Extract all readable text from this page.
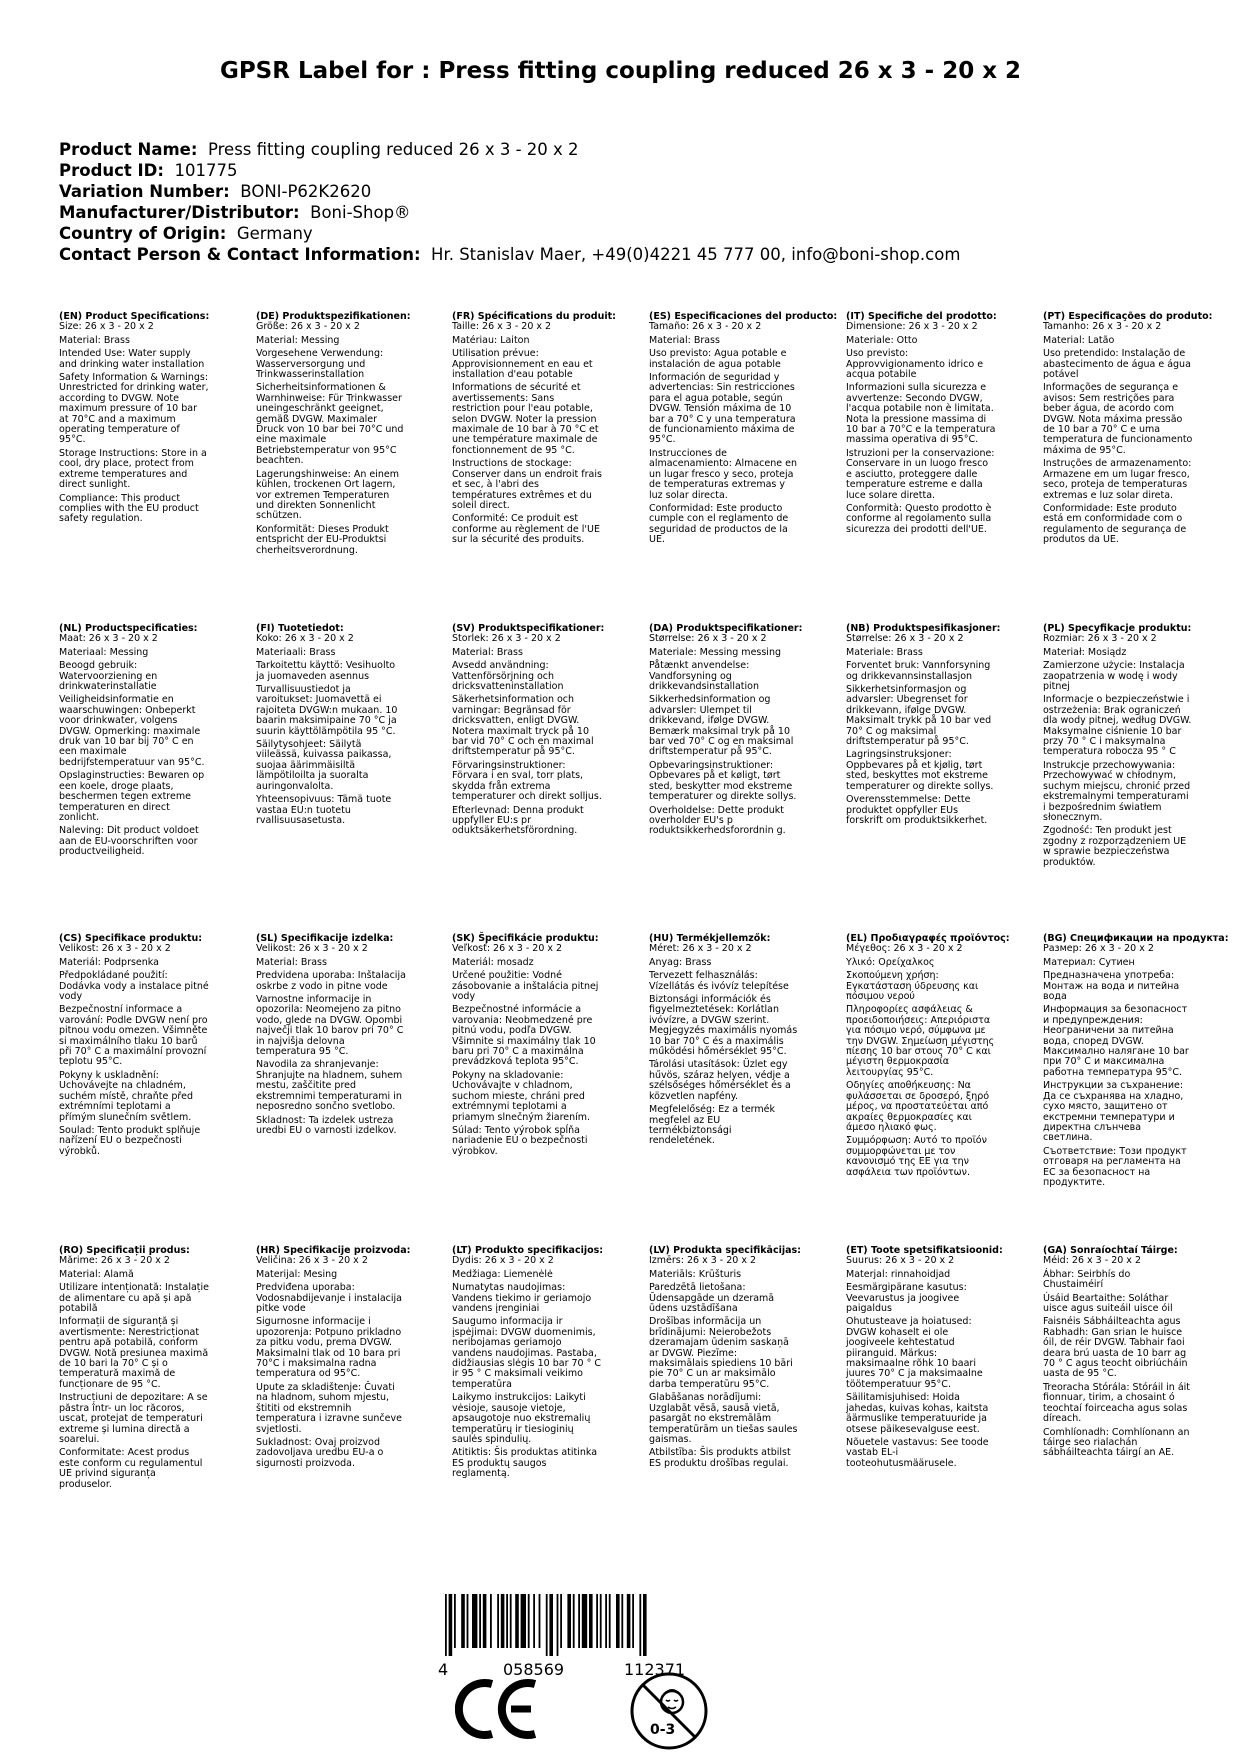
GPSR Label for : Press fitting coupling reduced 26 x 3 - 20 x 2
Product Name: Press fitting coupling reduced 26 x 3 - 20 x 2
Product ID: 101775
Variation Number: BONI-P62K2620
Manufacturer/Distributor: Boni-Shop®
Country of Origin: Germany
Contact Person & Contact Information: Hr. Stanislav Maer, +49(0)4221 45 777 00, info@boni-shop.com
(EN) Product Specifications:
Size: 26 x 3 - 20 x 2
Material: Brass
Intended Use: Water supply and drinking water installation
Safety Information & Warnings: Unrestricted for drinking water, according to DVGW. Note maximum pressure of 10 bar at 70°C and a maximum operating temperature of 95°C.
Storage Instructions: Store in a cool, dry place, protect from extreme temperatures and direct sunlight.
Compliance: This product complies with the EU product safety regulation.
(DE) Produktspezifikationen:
Größe: 26 x 3 - 20 x 2
Material: Messing
Vorgesehene Verwendung: Wasserversorgung und Trinkwasserinstallation
Sicherheitsinformationen & Warnhinweise: Für Trinkwasser uneingeschränkt geeignet, gemäß DVGW. Maximaler Druck von 10 bar bei 70°C und eine maximale Betriebstemperatur von 95°C beachten.
Lagerungshinweise: An einem kühlen, trockenen Ort lagern, vor extremen Temperaturen und direkten Sonnenlicht schützen.
Konformität: Dieses Produkt entspricht der EU-Produktsi cherheitsverordnung.
(FR) Spécifications du produit:
Taille: 26 x 3 - 20 x 2
Matériau: Laiton
Utilisation prévue: Approvisionnement en eau et installation d'eau potable
Informations de sécurité et avertissements: Sans restriction pour l'eau potable, selon DVGW. Noter la pression maximale de 10 bar à 70 °C et une température maximale de fonctionnement de 95 °C.
Instructions de stockage: Conserver dans un endroit frais et sec, à l'abri des températures extrêmes et du soleil direct.
Conformité: Ce produit est conforme au règlement de l'UE sur la sécurité des produits.
(ES) Especificaciones del producto:
Tamaño: 26 x 3 - 20 x 2
Material: Brass
Uso previsto: Agua potable e instalación de agua potable
Información de seguridad y advertencias: Sin restricciones para el agua potable, según DVGW. Tensión máxima de 10 bar a 70° C y una temperatura de funcionamiento máxima de 95°C.
Instrucciones de almacenamiento: Almacene en un lugar fresco y seco, proteja de temperaturas extremas y luz solar directa.
Conformidad: Este producto cumple con el reglamento de seguridad de productos de la UE.
(IT) Specifiche del prodotto:
Dimensione: 26 x 3 - 20 x 2
Materiale: Otto
Uso previsto: Approvvigionamento idrico e acqua potabile
Informazioni sulla sicurezza e avvertenze: Secondo DVGW, l'acqua potabile non è limitata. Nota la pressione massima di 10 bar a 70°C e la temperatura massima operativa di 95°C.
Istruzioni per la conservazione: Conservare in un luogo fresco e asciutto, proteggere dalle temperature estreme e dalla luce solare diretta.
Conformità: Questo prodotto è conforme al regolamento sulla sicurezza dei prodotti dell'UE.
(PT) Especificações do produto:
Tamanho: 26 x 3 - 20 x 2
Material: Latão
Uso pretendido: Instalação de abastecimento de água e água potável
Informações de segurança e avisos: Sem restrições para beber água, de acordo com DVGW. Nota máxima pressão de 10 bar a 70° C e uma temperatura de funcionamento máxima de 95°C.
Instruções de armazenamento: Armazene em um lugar fresco, seco, proteja de temperaturas extremas e luz solar direta.
Conformidade: Este produto está em conformidade com o regulamento de segurança de produtos da UE.
(NL) Productspecificaties:
Maat: 26 x 3 - 20 x 2
Materiaal: Messing
Beoogd gebruik: Watervoorziening en drinkwaterinstallatie
Veiligheidsinformatie en waarschuwingen: Onbeperkt voor drinkwater, volgens DVGW. Opmerking: maximale druk van 10 bar bij 70° C en een maximale bedrijfstemperatuur van 95°C.
Opslaginstructies: Bewaren op een koele, droge plaats, beschermen tegen extreme temperaturen en direct zonlicht.
Naleving: Dit product voldoet aan de EU-voorschriften voor productveiligheid.
(FI) Tuotetiedot:
Koko: 26 x 3 - 20 x 2
Materiaali: Brass
Tarkoitettu käyttö: Vesihuolto ja juomaveden asennus
Turvallisuustiedot ja varoitukset: Juomavettä ei rajoiteta DVGW:n mukaan. 10 baarin maksimipaine 70 °C ja suurin käyttölämpötila 95 °C.
Säilytysohjeet: Säilytä viileässä, kuivassa paikassa, suojaa äärimmäisiltä lämpötiloilta ja suoralta auringonvalolta.
Yhteensopivuus: Tämä tuote vastaa EU:n tuotetu rvallisuusasetusta.
(SV) Produktspecifikationer:
Storlek: 26 x 3 - 20 x 2
Material: Brass
Avsedd användning: Vattenförsörjning och dricksvatteninstallation
Säkerhetsinformation och varningar: Begränsad för dricksvatten, enligt DVGW. Notera maximalt tryck på 10 bar vid 70° C och en maximal driftstemperatur på 95°C.
Förvaringsinstruktioner: Förvara i en sval, torr plats, skydda från extrema temperaturer och direkt solljus.
Efterlevnad: Denna produkt uppfyller EU:s pr oduktsäkerhetsförordning.
(DA) Produktspecifikationer:
Størrelse: 26 x 3 - 20 x 2
Materiale: Messing messing
Påtænkt anvendelse: Vandforsyning og drikkevandsinstallation
Sikkerhedsinformation og advarsler: Ulempet til drikkevand, ifølge DVGW. Bemærk maksimal tryk på 10 bar ved 70° C og en maksimal driftstemperatur på 95°C.
Opbevaringsinstruktioner: Opbevares på et køligt, tørt sted, beskytter mod ekstreme temperaturer og direkte sollys.
Overholdelse: Dette produkt overholder EU's p roduktsikkerhedsforordnin g.
(NB) Produktspesifikasjoner:
Størrelse: 26 x 3 - 20 x 2
Materiale: Brass
Forventet bruk: Vannforsyning og drikkevannsinstallasjon
Sikkerhetsinformasjon og advarsler: Ubegrenset for drikkevann, ifølge DVGW. Maksimalt trykk på 10 bar ved 70° C og maksimal driftstemperatur på 95°C.
Lagringsinstruksjoner: Oppbevares på et kjølig, tørt sted, beskyttes mot ekstreme temperaturer og direkte sollys.
Overensstemmelse: Dette produktet oppfyller EUs forskrift om produktsikkerhet.
(PL) Specyfikacje produktu:
Rozmiar: 26 x 3 - 20 x 2
Materiał: Mosiądz
Zamierzone użycie: Instalacja zaopatrzenia w wodę i wody pitnej
Informacje o bezpieczeństwie i ostrzeżenia: Brak ograniczeń dla wody pitnej, według DVGW. Maksymalne ciśnienie 10 bar przy 70 ° C i maksymalna temperatura robocza 95 ° C
Instrukcje przechowywania: Przechowywać w chłodnym, suchym miejscu, chronić przed ekstremalnymi temperaturami i bezpośrednim światłem słonecznym.
Zgodność: Ten produkt jest zgodny z rozporządzeniem UE w sprawie bezpieczeństwa produktów.
(CS) Specifikace produktu:
Velikost: 26 x 3 - 20 x 2
Materiál: Podprsenka
Předpokládané použití: Dodávka vody a instalace pitné vody
Bezpečnostní informace a varování: Podle DVGW není pro pitnou vodu omezen. Všimněte si maximálního tlaku 10 barů při 70° C a maximální provozní teplotu 95°C.
Pokyny k uskladnění: Uchovávejte na chladném, suchém místě, chraňte před extrémními teplotami a přímým slunečním světlem.
Soulad: Tento produkt splňuje nařízení EU o bezpečnosti výrobků.
(SL) Specifikacije izdelka:
Velikost: 26 x 3 - 20 x 2
Material: Brass
Predvidena uporaba: Inštalacija oskrbe z vodo in pitne vode
Varnostne informacije in opozorila: Neomejeno za pitno vodo, glede na DVGW. Opombi največji tlak 10 barov pri 70° C in najvišja delovna temperatura 95 °C.
Navodila za shranjevanje: Shranjujte na hladnem, suhem mestu, zaščitite pred ekstremnimi temperaturami in neposredno sončno svetlobo.
Skladnost: Ta izdelek ustreza uredbi EU o varnosti izdelkov.
(SK) Špecifikácie produktu:
Veľkosť: 26 x 3 - 20 x 2
Materiál: mosadz
Určené použitie: Vodné zásobovanie a inštalácia pitnej vody
Bezpečnostné informácie a varovania: Neobmedzené pre pitnú vodu, podľa DVGW. Všimnite si maximálny tlak 10 baru pri 70° C a maximálna prevádzková teplota 95°C.
Pokyny na skladovanie: Uchovávajte v chladnom, suchom mieste, chráni pred extrémnymi teplotami a priamym slnečným žiarením.
Súlad: Tento výrobok spĺňa nariadenie EÚ o bezpečnosti výrobkov.
(HU) Termékjellemzők:
Méret: 26 x 3 - 20 x 2
Anyag: Brass
Tervezett felhasználás: Vízellátás és ivóvíz telepítése
Biztonsági információk és figyelmeztetések: Korlátlan ivóvízre, a DVGW szerint. Megjegyzés maximális nyomás 10 bar 70° C és a maximális működési hőmérséklet 95°C.
Tárolási utasítások: Üzlet egy hűvös, száraz helyen, védje a szélsőséges hőmérséklet és a közvetlen napfény.
Megfelelőség: Ez a termék megfelel az EU termékbiztonsági rendeletének.
(EL) Προδιαγραφές προϊόντος:
Μέγεθος: 26 x 3 - 20 x 2
Υλικό: Ορείχαλκος
Σκοπούμενη χρήση: Εγκατάσταση ύδρευσης και πόσιμου νερού
Πληροφορίες ασφάλειας & προειδοποιήσεις: Απεριόριστα για πόσιμο νερό, σύμφωνα με την DVGW. Σημείωση μέγιστης πίεσης 10 bar στους 70° C και μέγιστη θερμοκρασία λειτουργίας 95°C.
Οδηγίες αποθήκευσης: Να φυλάσσεται σε δροσερό, ξηρό μέρος, να προστατεύεται από ακραίες θερμοκρασίες και άμεσο ηλιακό φως.
Συμμόρφωση: Αυτό το προϊόν συμμορφώνεται με τον κανονισμό της ΕΕ για την ασφάλεια των προϊόντων.
(BG) Спецификации на продукта:
Размер: 26 x 3 - 20 x 2
Материал: Сутиен
Предназначена употреба: Монтаж на вода и питейна вода
Информация за безопасност и предупреждения: Неограничени за питейна вода, според DVGW. Максимално налягане 10 bar при 70° C и максимална работна температура 95°C.
Инструкции за съхранение: Да се съхранява на хладно, сухо място, защитено от екстремни температури и директна слънчева светлина.
Съответствие: Този продукт отговаря на регламента на ЕС за безопасност на продуктите.
(RO) Specificații produs:
Mărime: 26 x 3 - 20 x 2
Material: Alamă
Utilizare intenționată: Instalație de alimentare cu apă și apă potabilă
Informații de siguranță și avertismente: Nerestricționat pentru apă potabilă, conform DVGW. Notă presiunea maximă de 10 bari la 70° C și o temperatură maximă de funcționare de 95 °C.
Instrucțiuni de depozitare: A se păstra într- un loc răcoros, uscat, protejat de temperaturi extreme și lumina directă a soarelui.
Conformitate: Acest produs este conform cu regulamentul UE privind siguranța produselor.
(HR) Specifikacije proizvoda:
Veličina: 26 x 3 - 20 x 2
Materijal: Mesing
Predviđena uporaba: Vodosnabdijevanje i instalacija pitke vode
Sigurnosne informacije i upozorenja: Potpuno prikladno za pitku vodu, prema DVGW. Maksimalni tlak od 10 bara pri 70°C i maksimalna radna temperatura od 95°C.
Upute za skladištenje: Čuvati na hladnom, suhom mjestu, štititi od ekstremnih temperatura i izravne sunčeve svjetlosti.
Sukladnost: Ovaj proizvod zadovoljava uredbu EU-a o sigurnosti proizvoda.
(LT) Produkto specifikacijos:
Dydis: 26 x 3 - 20 x 2
Medžiaga: Liemenėlė
Numatytas naudojimas: Vandens tiekimo ir geriamojo vandens įrenginiai
Saugumo informacija ir įspėjimai: DVGW duomenimis, neribojamas geriamojo vandens naudojimas. Pastaba, didžiausias slėgis 10 bar 70 ° C ir 95 ° C maksimali veikimo temperatūra
Laikymo instrukcijos: Laikyti vėsioje, sausoje vietoje, apsaugotoje nuo ekstremalių temperatūrų ir tiesioginių saulės spindulių.
Atitiktis: Šis produktas atitinka ES produktų saugos reglamentą.
(LV) Produkta specifikācijas:
Izmērs: 26 x 3 - 20 x 2
Materiāls: Krūšturis
Paredzētā lietošana: Ūdensapgāde un dzeramā ūdens uzstādīšana
Drošības informācija un brīdinājumi: Neierobežots dzeramajam ūdenim saskaņā ar DVGW. Piezīme: maksimālais spiediens 10 bāri pie 70° C un ar maksimālo darba temperatūru 95°C.
Glabāšanas norādījumi: Uzglabāt vēsā, sausā vietā, pasargāt no ekstremālām temperatūrām un tiešas saules gaismas.
Atbilstība: Šis produkts atbilst ES produktu drošības regulai.
(ET) Toote spetsifikatsioonid:
Suurus: 26 x 3 - 20 x 2
Materjal: rinnahoidjad
Eesmärgipärane kasutus: Veevarustus ja joogivee paigaldus
Ohutusteave ja hoiatused: DVGW kohaselt ei ole joogiveele kehtestatud piiranguid. Märkus: maksimaalne rõhk 10 baari juures 70° C ja maksimaalne töötemperatuur 95°C.
Säilitamisjuhised: Hoida jahedas, kuivas kohas, kaitsta äärmuslike temperatuuride ja otsese päikesevalguse eest.
Nõuetele vastavus: See toode vastab EL-i tooteohutusmäärusele.
(GA) Sonraíochtaí Táirge:
Méid: 26 x 3 - 20 x 2
Ábhar: Seirbhís do Chustaiméirí
Úsáid Beartaithe: Soláthar uisce agus suiteáil uisce óil
Faisnéis Sábháilteachta agus Rabhadh: Gan srian le huisce óil, de réir DVGW. Tabhair faoi deara brú uasta de 10 barr ag 70 ° C agus teocht oibriúcháin uasta de 95 °C.
Treoracha Stórála: Stóráil in áit fionnuar, tirim, a chosaint ó teochtaí foirceacha agus solas díreach.
Comhlíonadh: Comhlíonann an táirge seo rialachán sábháilteachta táirgí an AE.
4	058569	112371
0-3
